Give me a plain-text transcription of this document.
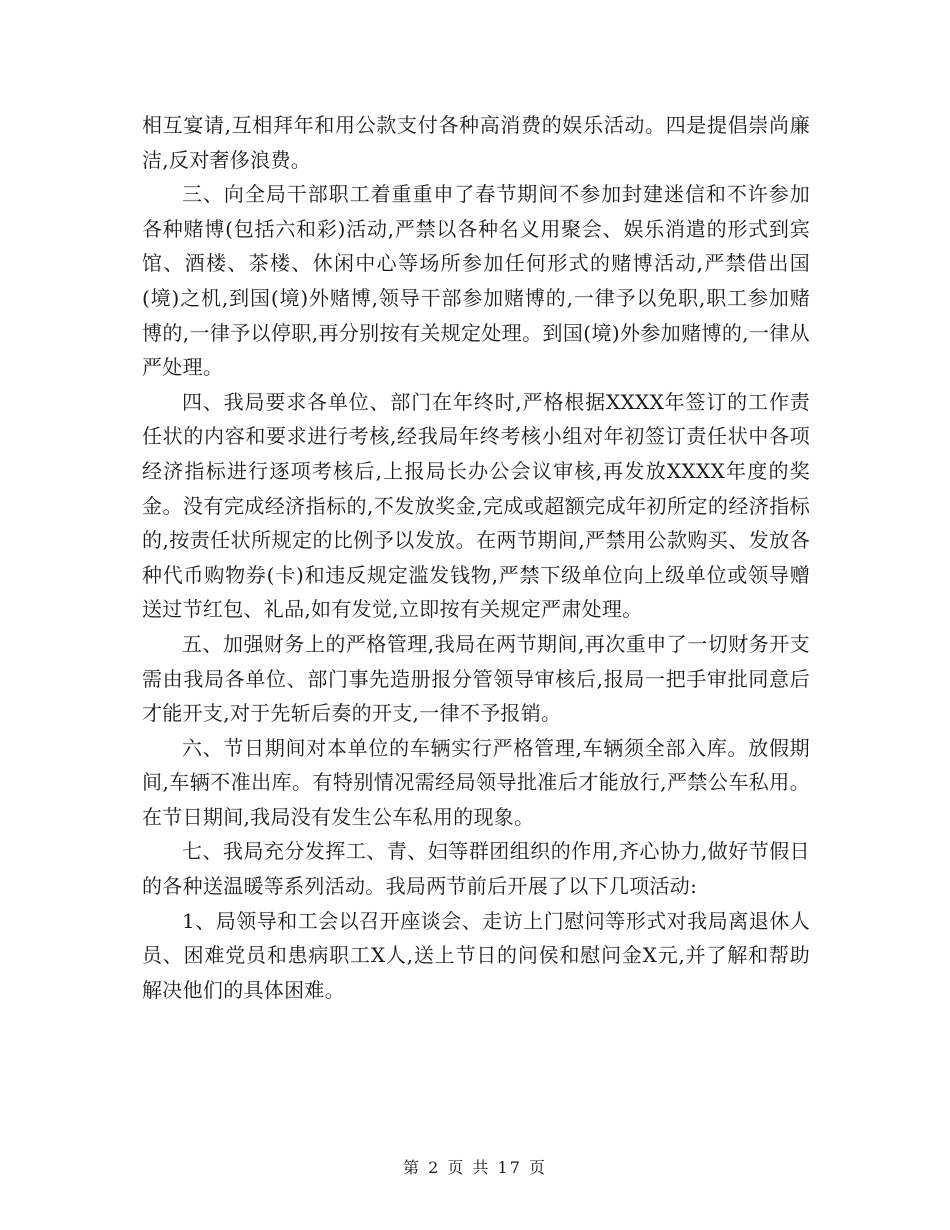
相互宴请,互相拜年和用公款支付各种高消费的娱乐活动。四是提倡崇尚廉洁,反对奢侈浪费。

三、向全局干部职工着重重申了春节期间不参加封建迷信和不许参加各种赌博(包括六和彩)活动,严禁以各种名义用聚会、娱乐消遣的形式到宾馆、酒楼、茶楼、休闲中心等场所参加任何形式的赌博活动,严禁借出国(境)之机,到国(境)外赌博,领导干部参加赌博的,一律予以免职,职工参加赌博的,一律予以停职,再分别按有关规定处理。到国(境)外参加赌博的,一律从严处理。

四、我局要求各单位、部门在年终时,严格根据XXXX年签订的工作责任状的内容和要求进行考核,经我局年终考核小组对年初签订责任状中各项经济指标进行逐项考核后,上报局长办公会议审核,再发放XXXX年度的奖金。没有完成经济指标的,不发放奖金,完成或超额完成年初所定的经济指标的,按责任状所规定的比例予以发放。在两节期间,严禁用公款购买、发放各种代币购物券(卡)和违反规定滥发钱物,严禁下级单位向上级单位或领导赠送过节红包、礼品,如有发觉,立即按有关规定严肃处理。

五、加强财务上的严格管理,我局在两节期间,再次重申了一切财务开支需由我局各单位、部门事先造册报分管领导审核后,报局一把手审批同意后才能开支,对于先斩后奏的开支,一律不予报销。

六、节日期间对本单位的车辆实行严格管理,车辆须全部入库。放假期间,车辆不准出库。有特别情况需经局领导批准后才能放行,严禁公车私用。在节日期间,我局没有发生公车私用的现象。

七、我局充分发挥工、青、妇等群团组织的作用,齐心协力,做好节假日的各种送温暖等系列活动。我局两节前后开展了以下几项活动:

1、局领导和工会以召开座谈会、走访上门慰问等形式对我局离退休人员、困难党员和患病职工X人,送上节日的问侯和慰问金X元,并了解和帮助解决他们的具体困难。

第 2 页 共 17 页
